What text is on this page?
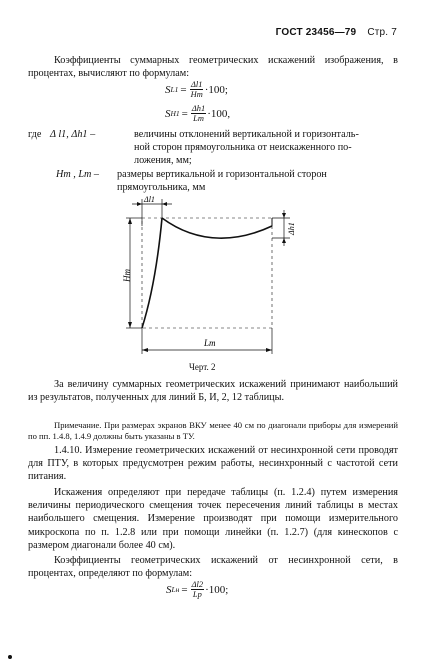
ГОСТ 23456—79 Стр. 7
Коэффициенты суммарных геометрических искажений изображения, в процентах, вычисляют по формулам:
S $L1 = \frac{\Delta l1}{Hт} \cdot 100$;
S $H1 = \frac{\Delta h1}{Lт} \cdot 100$,
где Δ l1, Δh1 –	величины отклонений вертикальной и горизонталь-
ной сторон прямоугольника от неискаженного по-
ложения, мм;
Hт , Lт – размеры вертикальной и горизонтальной сторон
прямоугольника, мм
Δl1
Δh1
Hт
Lт
Черт. 2
За величину суммарных геометрических искажений принимают наибольший из результатов, полученных для линий Б, И, 2, 12 таблицы.
Примечание. При размерах экранов ВКУ менее 40 см по диагонали приборы для измерений по пп. 1.4.8, 1.4.9 должны быть указаны в ТУ.
1.4.10. Измерение геометрических искажений от несинхронной сети проводят для ПТУ, в которых предусмотрен режим работы, несинхронный с частотой сети питания.
Искажения определяют при передаче таблицы (п. 1.2.4) путем измерения величины периодического смещения точек пересечения линий таблицы в местах наибольшего смещения. Измерение производят при помощи измерительного микроскопа по п. 1.2.8 или при помощи линейки (п. 1.2.7) (для кинескопов с размером диагонали более 40 см).
Коэффициенты геометрических искажений от несинхронной сети, в процентах, определяют по формулам:
S Lн = $\frac{\Delta l2}{Lр} \cdot 100$;
